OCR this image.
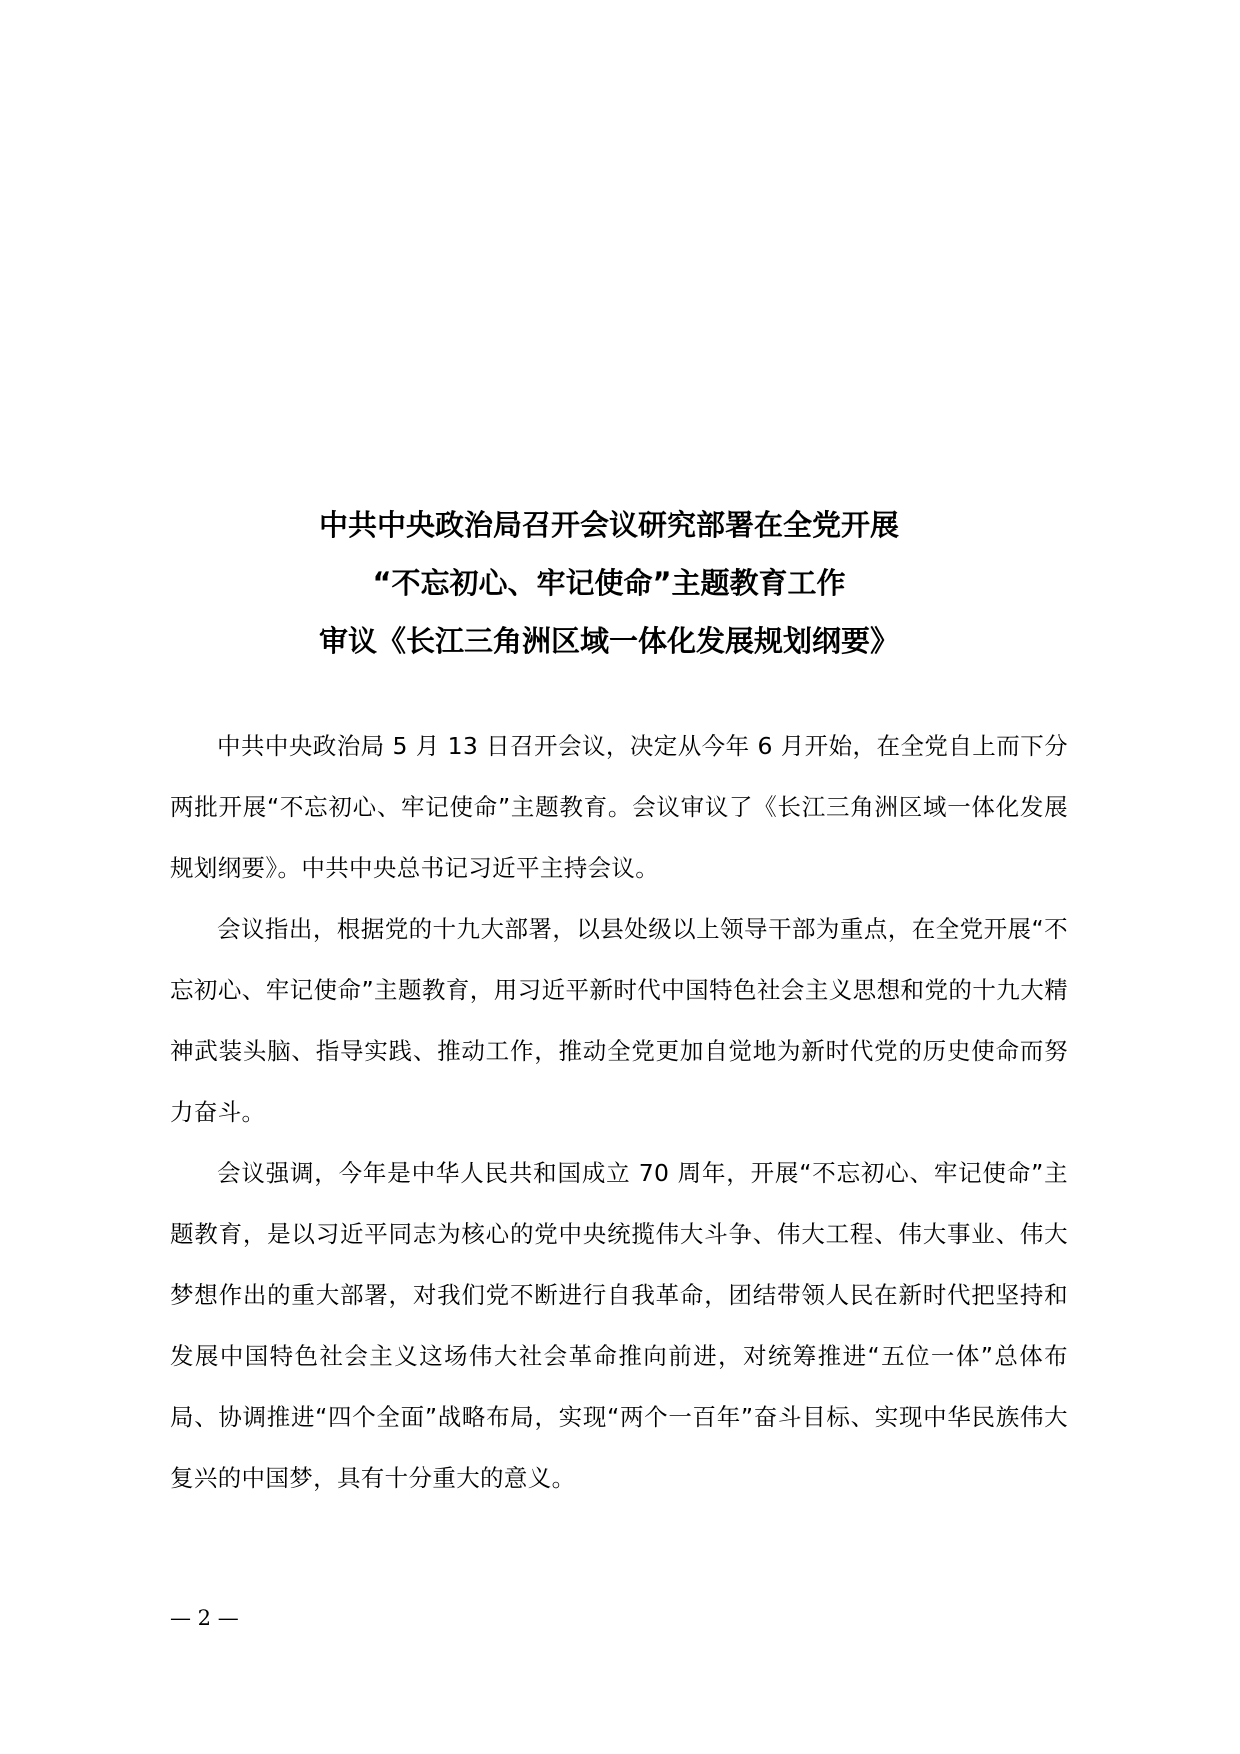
中共中央政治局召开会议研究部署在全党开展
“不忘初心、牢记使命”主题教育工作
审议《长江三角洲区域一体化发展规划纲要》

中共中央政治局 5 月 13 日召开会议，决定从今年 6 月开始，在全党自上而下分两批开展“不忘初心、牢记使命”主题教育。会议审议了《长江三角洲区域一体化发展规划纲要》。中共中央总书记习近平主持会议。

会议指出，根据党的十九大部署，以县处级以上领导干部为重点，在全党开展“不忘初心、牢记使命”主题教育，用习近平新时代中国特色社会主义思想和党的十九大精神武装头脑、指导实践、推动工作，推动全党更加自觉地为新时代党的历史使命而努力奋斗。

会议强调，今年是中华人民共和国成立 70 周年，开展“不忘初心、牢记使命”主题教育，是以习近平同志为核心的党中央统揽伟大斗争、伟大工程、伟大事业、伟大梦想作出的重大部署，对我们党不断进行自我革命，团结带领人民在新时代把坚持和发展中国特色社会主义这场伟大社会革命推向前进，对统筹推进“五位一体”总体布局、协调推进“四个全面”战略布局，实现“两个一百年”奋斗目标、实现中华民族伟大复兴的中国梦，具有十分重大的意义。

— 2 —
